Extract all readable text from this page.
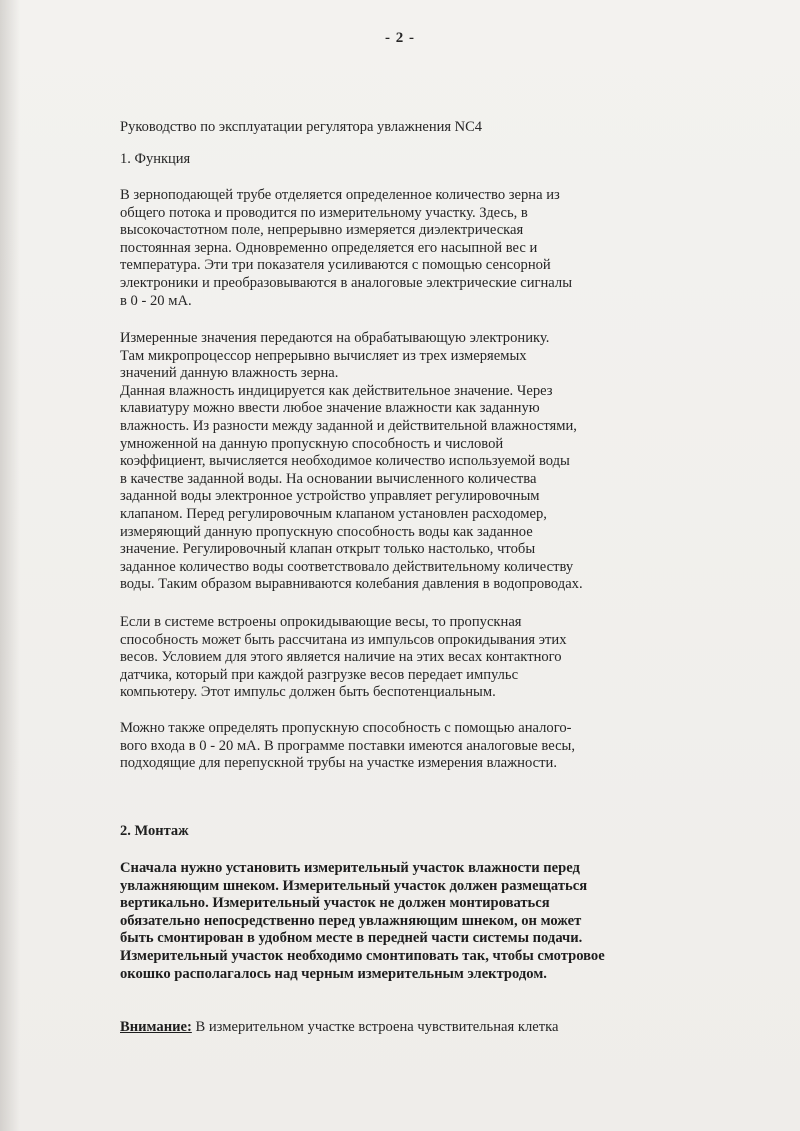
- 2 -
Руководство по эксплуатации регулятора увлажнения NC4
1. Функция

В зерноподающей трубе отделяется определенное количество зерна из
общего потока и проводится по измерительному участку. Здесь, в
высокочастотном поле, непрерывно измеряется диэлектрическая
постоянная зерна. Одновременно определяется его насыпной вес и
температура. Эти три показателя усиливаются с помощью сенсорной
электроники и преобразовываются в аналоговые электрические сигналы
в 0 - 20 мА.

Измеренные значения передаются на обрабатывающую электронику.
Там микропроцессор непрерывно вычисляет из трех измеряемых
значений данную влажность зерна.
Данная влажность индицируется как действительное значение. Через
клавиатуру можно ввести любое значение влажности как заданную
влажность. Из разности между заданной и действительной влажностями,
умноженной на данную пропускную способность и числовой
коэффициент, вычисляется необходимое количество используемой воды
в качестве заданной воды. На основании вычисленного количества
заданной воды электронное устройство управляет регулировочным
клапаном. Перед регулировочным клапаном установлен расходомер,
измеряющий данную пропускную способность воды как заданное
значение. Регулировочный клапан открыт только настолько, чтобы
заданное количество воды соответствовало действительному количеству
воды. Таким образом выравниваются колебания давления в водопроводах.

Если в системе встроены опрокидывающие весы, то пропускная
способность может быть рассчитана из импульсов опрокидывания этих
весов. Условием для этого является наличие на этих весах контактного
датчика, который при каждой разгрузке весов передает импульс
компьютеру. Этот импульс должен быть беспотенциальным.

Можно также определять пропускную способность с помощью аналого-
вого входа в 0 - 20 мА. В программе поставки имеются аналоговые весы,
подходящие для перепускной трубы на участке измерения влажности.

2. Монтаж

Сначала нужно установить измерительный участок влажности перед
увлажняющим шнеком. Измерительный участок должен размещаться
вертикально. Измерительный участок не должен монтироваться
обязательно непосредственно перед увлажняющим шнеком, он может
быть смонтирован в удобном месте в передней части системы подачи.
Измерительный участок необходимо смонтиповать так, чтобы смотровое
окошко располагалось над черным измерительным электродом.

Внимание: В измерительном участке встроена чувствительная клетка
